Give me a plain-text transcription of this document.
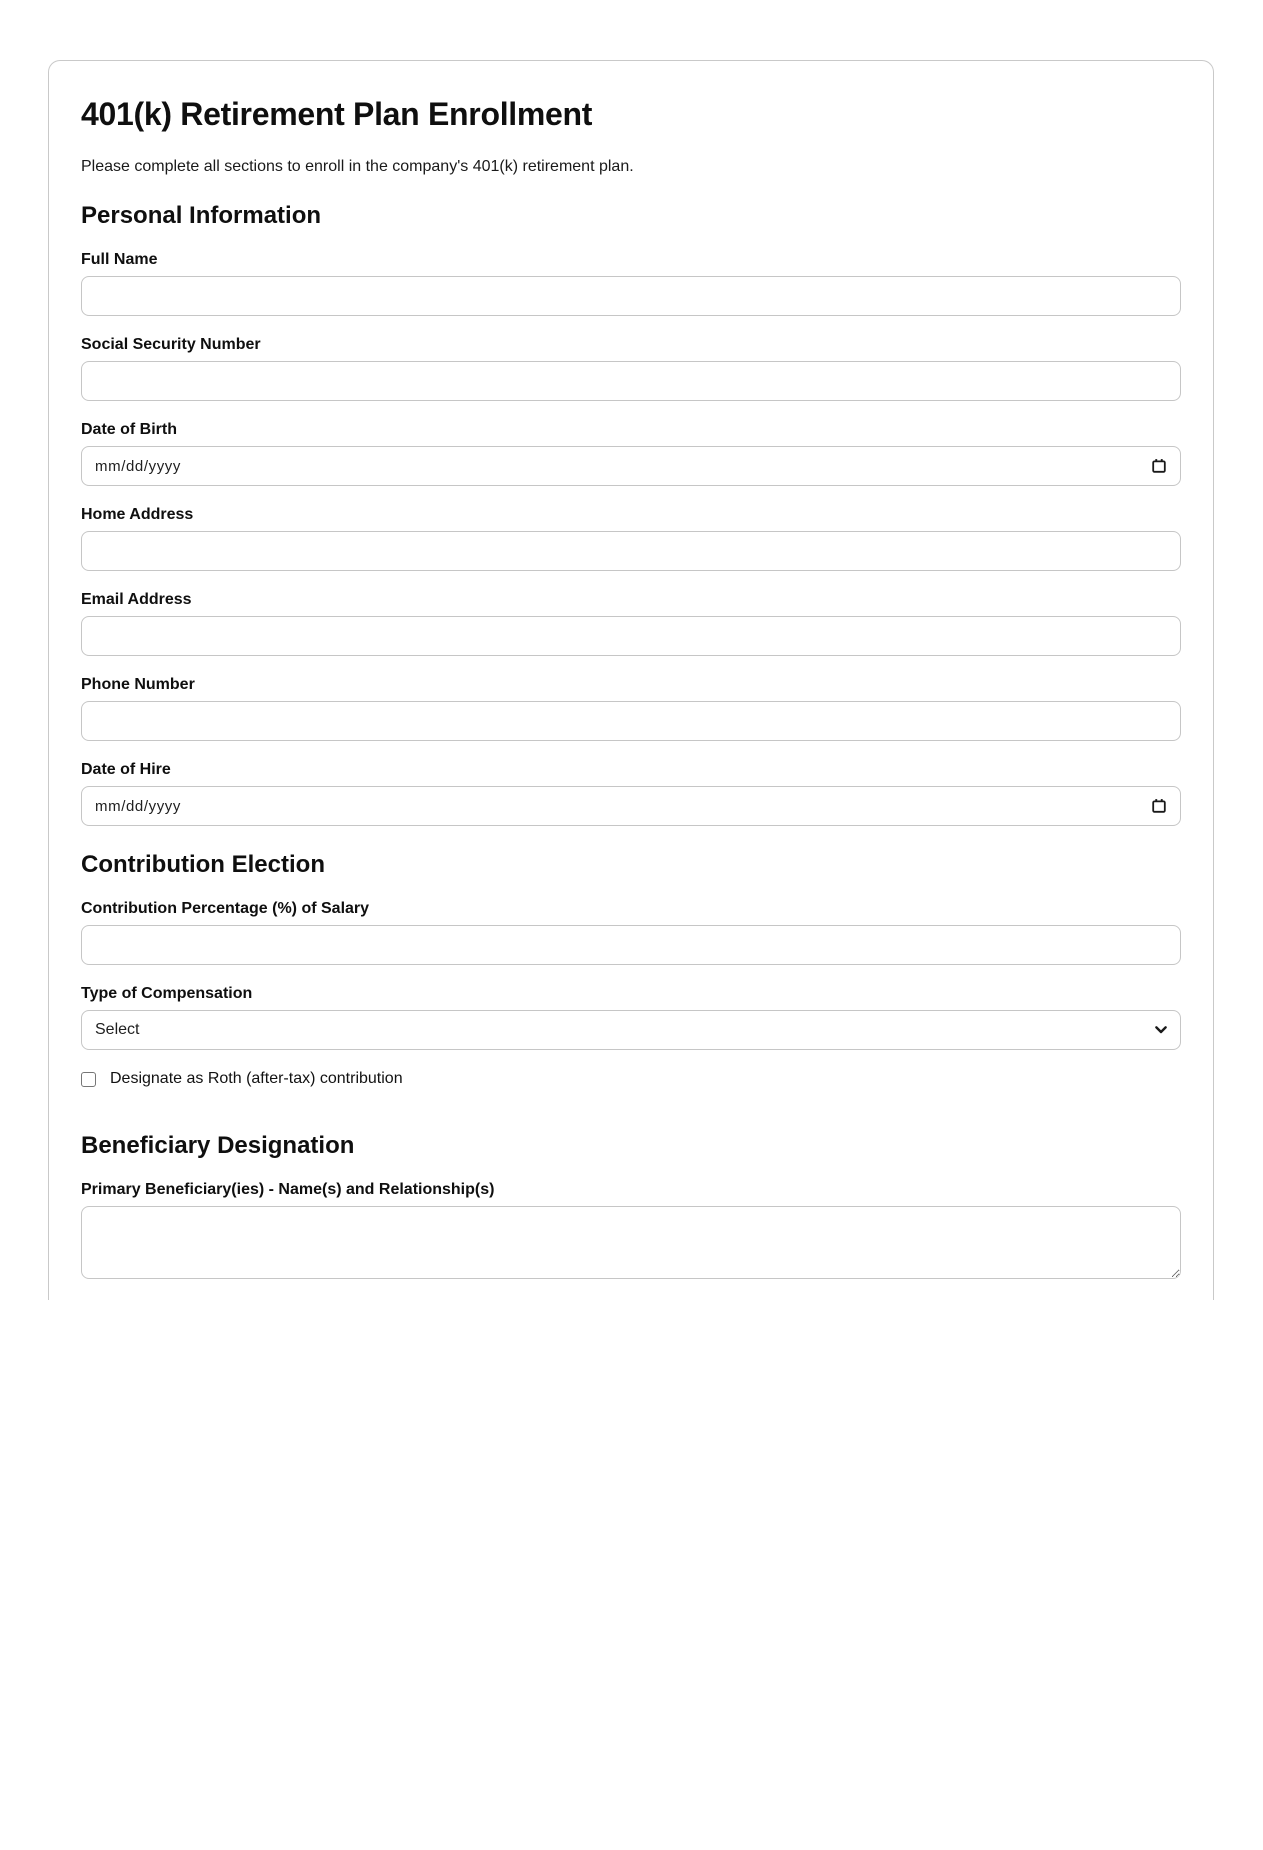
401(k) Retirement Plan Enrollment

Please complete all sections to enroll in the company's 401(k) retirement plan.

Personal Information
Full Name
Social Security Number
Date of Birth
mm/dd/yyyy
Home Address
Email Address
Phone Number
Date of Hire
mm/dd/yyyy
Contribution Election
Contribution Percentage (%) of Salary
Type of Compensation
Select
Designate as Roth (after-tax) contribution
Beneficiary Designation
Primary Beneficiary(ies) - Name(s) and Relationship(s)
